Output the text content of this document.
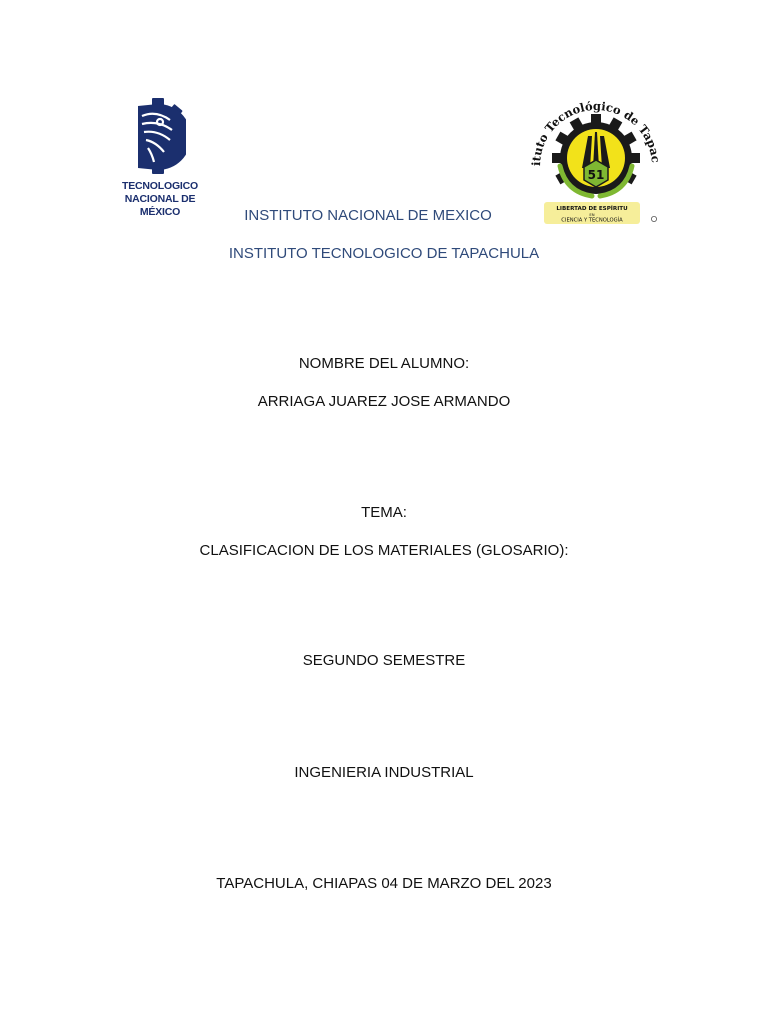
TECNOLOGICO
NACIONAL DE MÉXICO
ituto Tecnológico de Tapac
51
LIBERTAD DE ESPÍRITU
EN
CIENCIA Y TECNOLOGÍA
INSTITUTO NACIONAL DE MEXICO
INSTITUTO TECNOLOGICO DE TAPACHULA
NOMBRE DEL ALUMNO:
ARRIAGA JUAREZ JOSE ARMANDO
TEMA:
CLASIFICACION DE LOS MATERIALES (GLOSARIO):
SEGUNDO SEMESTRE
INGENIERIA INDUSTRIAL
TAPACHULA, CHIAPAS 04 DE MARZO DEL 2023
